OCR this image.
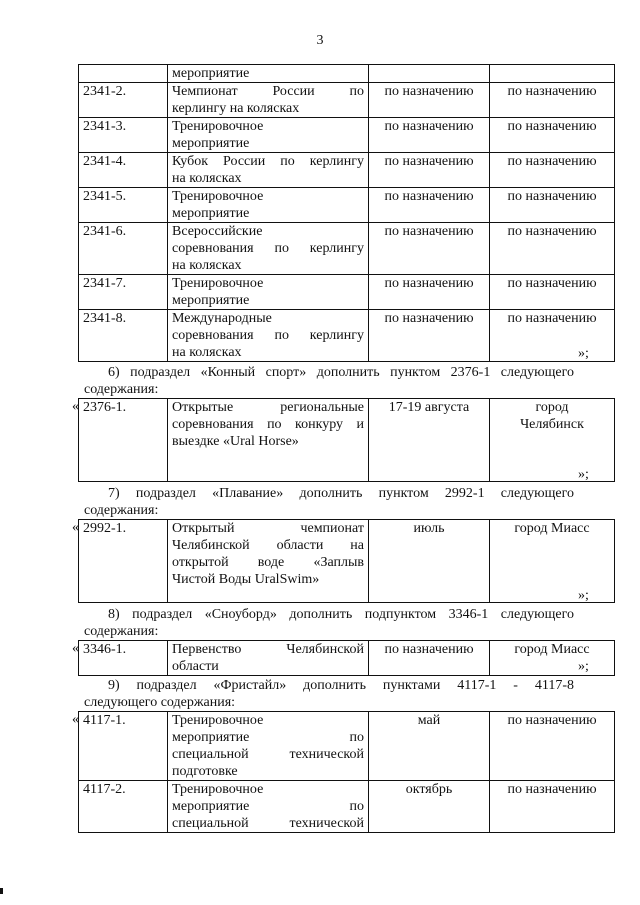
3

	мероприятие		

2341-2.	Чемпионат России по
керлингу на колясках	по назначению	по назначению
2341-3.	Тренировочное
мероприятие	по назначению	по назначению
2341-4.	Кубок России по керлингу
на колясках	по назначению	по назначению
2341-5.	Тренировочное
мероприятие	по назначению	по назначению
2341-6.	Всероссийские
соревнования по керлингу
на колясках	по назначению	по назначению
2341-7.	Тренировочное
мероприятие	по назначению	по назначению
2341-8.	Международные
соревнования по керлингу
на колясках	по назначению	по назначению
»;
6) подраздел «Конный спорт» дополнить пунктом 2376-1 следующего
содержания:
« 2376-1.	Открытые региональные
соревнования по конкуру и
выездке «Ural Horse»
	17-19 августа	город
Челябинск
»;
7) подраздел «Плавание» дополнить пунктом 2992-1 следующего
содержания:
« 2992-1.	Открытый чемпионат
Челябинской области на
открытой воде «Заплыв
Чистой Воды UralSwim»
	июль	город Миасс
»;
8) подраздел «Сноуборд» дополнить подпунктом 3346-1 следующего
содержания:
« 3346-1.	Первенство Челябинской
области
	по назначению	город Миасс
»;
9) подраздел «Фристайл» дополнить пунктами 4117-1 - 4117-8
следующего содержания:
« 4117-1.	Тренировочное
мероприятие по
специальной технической
подготовке	май	по назначению
4117-2.	Тренировочное
мероприятие по
специальной технической	октябрь	по назначению
